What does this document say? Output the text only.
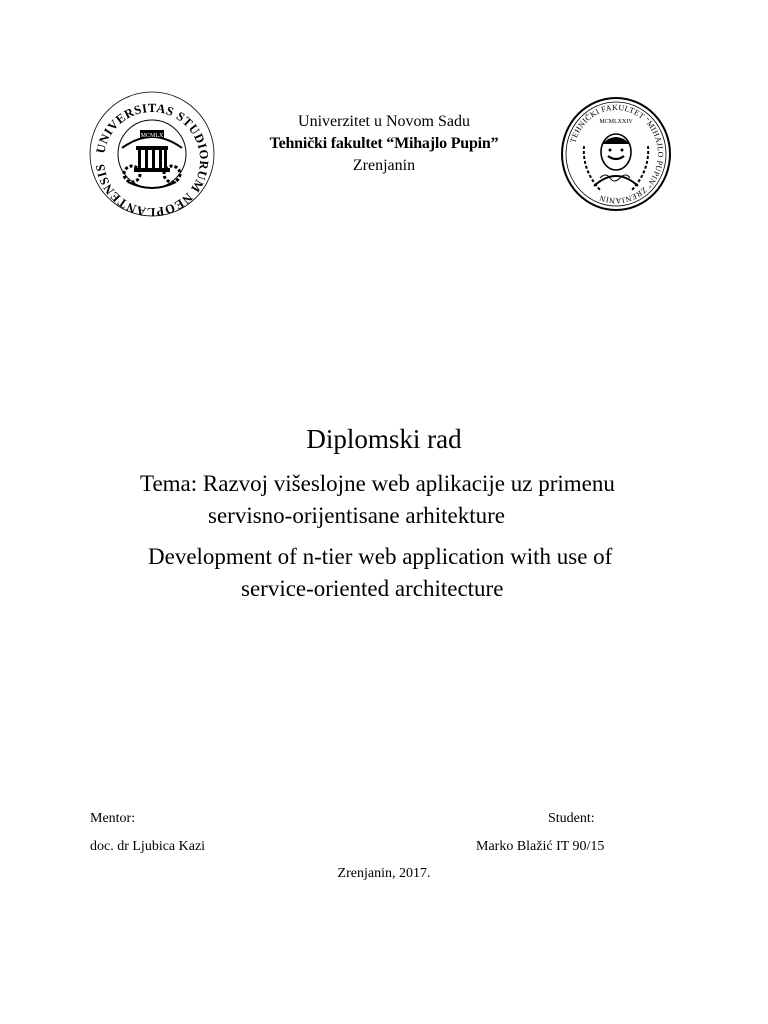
UNIVERSITAS STUDIORUM NEOPLANTENSIS
MCMLX
Univerzitet u Novom Sadu
Tehnički fakultet “Mihajlo Pupin”
Zrenjanin
TEHNIČKI FAKULTET "MIHAJLO PUPIN" ZRENJANIN
MCMLXXIV
Diplomski rad
Tema: Razvoj višeslojne web aplikacije uz primenu
servisno-orijentisane arhitekture
Development of n-tier web application with use of
service-oriented architecture
Mentor:
doc. dr Ljubica Kazi
Student:
Marko Blažić IT 90/15
Zrenjanin, 2017.
